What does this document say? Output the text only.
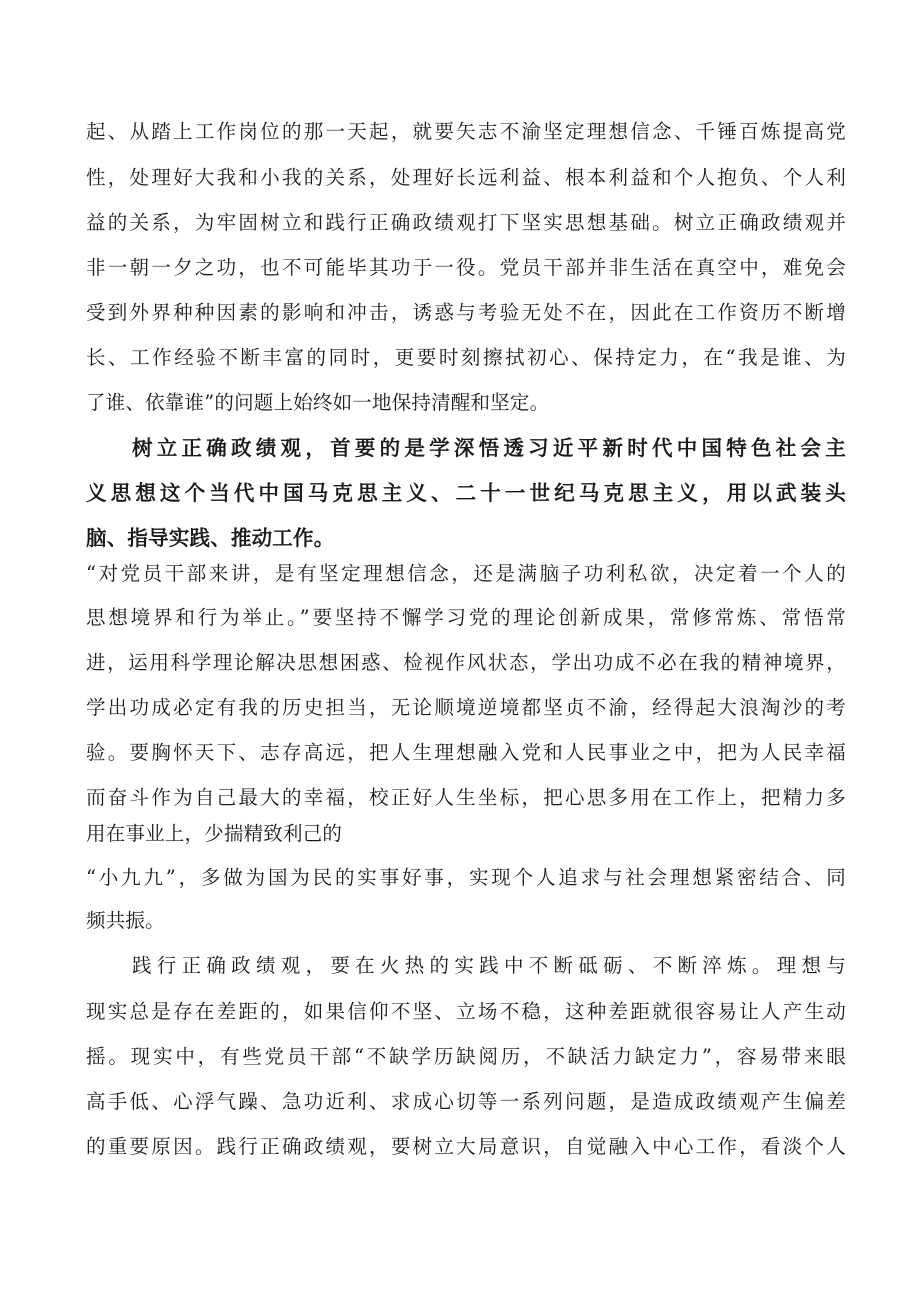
起、从踏上工作岗位的那一天起，就要矢志不渝坚定理想信念、千锤百炼提高党
性，处理好大我和小我的关系，处理好长远利益、根本利益和个人抱负、个人利
益的关系，为牢固树立和践行正确政绩观打下坚实思想基础。树立正确政绩观并
非一朝一夕之功，也不可能毕其功于一役。党员干部并非生活在真空中，难免会
受到外界种种因素的影响和冲击，诱惑与考验无处不在，因此在工作资历不断增
长、工作经验不断丰富的同时，更要时刻擦拭初心、保持定力，在“我是谁、为
了谁、依靠谁”的问题上始终如一地保持清醒和坚定。
树立正确政绩观，首要的是学深悟透习近平新时代中国特色社会主
义思想这个当代中国马克思主义、二十一世纪马克思主义，用以武装头
脑、指导实践、推动工作。
“对党员干部来讲，是有坚定理想信念，还是满脑子功利私欲，决定着一个人的
思想境界和行为举止。”要坚持不懈学习党的理论创新成果，常修常炼、常悟常
进，运用科学理论解决思想困惑、检视作风状态，学出功成不必在我的精神境界，
学出功成必定有我的历史担当，无论顺境逆境都坚贞不渝，经得起大浪淘沙的考
验。要胸怀天下、志存高远，把人生理想融入党和人民事业之中，把为人民幸福
而奋斗作为自己最大的幸福，校正好人生坐标，把心思多用在工作上，把精力多
用在事业上，少揣精致利己的
“小九九”，多做为国为民的实事好事，实现个人追求与社会理想紧密结合、同
频共振。
践行正确政绩观，要在火热的实践中不断砥砺、不断淬炼。理想与
现实总是存在差距的，如果信仰不坚、立场不稳，这种差距就很容易让人产生动
摇。现实中，有些党员干部“不缺学历缺阅历，不缺活力缺定力”，容易带来眼
高手低、心浮气躁、急功近利、求成心切等一系列问题，是造成政绩观产生偏差
的重要原因。践行正确政绩观，要树立大局意识，自觉融入中心工作，看淡个人
